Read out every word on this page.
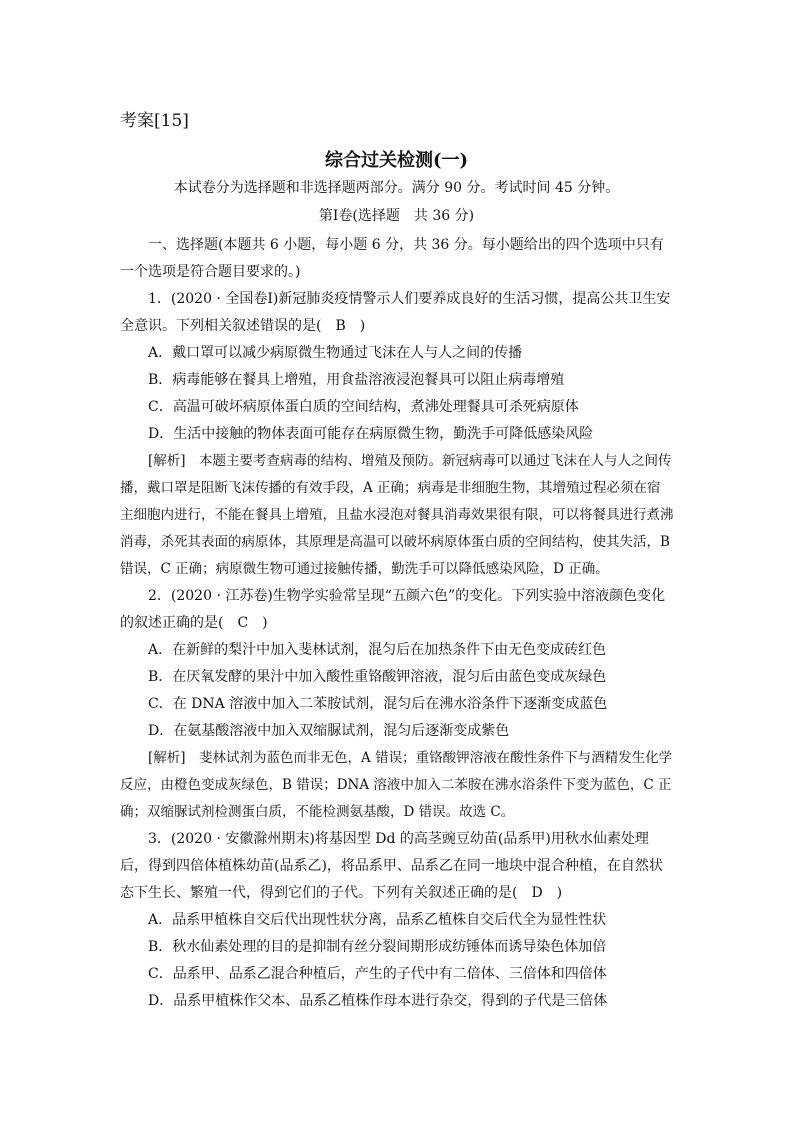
考案[15]
综合过关检测(一)
本试卷分为选择题和非选择题两部分。满分 90 分。考试时间 45 分钟。
第Ⅰ卷(选择题　共 36 分)

一、选择题(本题共 6 小题，每小题 6 分，共 36 分。每小题给出的四个选项中只有一个选项是符合题目要求的。)

1．(2020 · 全国卷Ⅰ)新冠肺炎疫情警示人们要养成良好的生活习惯，提高公共卫生安全意识。下列相关叙述错误的是(　B　)

A．戴口罩可以减少病原微生物通过飞沫在人与人之间的传播

B．病毒能够在餐具上增殖，用食盐溶液浸泡餐具可以阻止病毒增殖

C．高温可破坏病原体蛋白质的空间结构，煮沸处理餐具可杀死病原体

D．生活中接触的物体表面可能存在病原微生物，勤洗手可降低感染风险

[解析]　本题主要考查病毒的结构、增殖及预防。新冠病毒可以通过飞沫在人与人之间传播，戴口罩是阻断飞沫传播的有效手段，A 正确；病毒是非细胞生物，其增殖过程必须在宿主细胞内进行，不能在餐具上增殖，且盐水浸泡对餐具消毒效果很有限，可以将餐具进行煮沸消毒，杀死其表面的病原体，其原理是高温可以破坏病原体蛋白质的空间结构，使其失活，B 错误，C 正确；病原微生物可通过接触传播，勤洗手可以降低感染风险，D 正确。

2．(2020 · 江苏卷)生物学实验常呈现“五颜六色”的变化。下列实验中溶液颜色变化的叙述正确的是(　C　)

A．在新鲜的梨汁中加入斐林试剂，混匀后在加热条件下由无色变成砖红色

B．在厌氧发酵的果汁中加入酸性重铬酸钾溶液，混匀后由蓝色变成灰绿色

C．在 DNA 溶液中加入二苯胺试剂，混匀后在沸水浴条件下逐渐变成蓝色

D．在氨基酸溶液中加入双缩脲试剂，混匀后逐渐变成紫色

[解析]　斐林试剂为蓝色而非无色，A 错误；重铬酸钾溶液在酸性条件下与酒精发生化学反应，由橙色变成灰绿色，B 错误；DNA 溶液中加入二苯胺在沸水浴条件下变为蓝色，C 正确；双缩脲试剂检测蛋白质，不能检测氨基酸，D 错误。故选 C。

3．(2020 · 安徽滁州期末)将基因型 Dd 的高茎豌豆幼苗(品系甲)用秋水仙素处理后，得到四倍体植株幼苗(品系乙)，将品系甲、品系乙在同一地块中混合种植，在自然状态下生长、繁殖一代，得到它们的子代。下列有关叙述正确的是(　D　)

A．品系甲植株自交后代出现性状分离，品系乙植株自交后代全为显性性状

B．秋水仙素处理的目的是抑制有丝分裂间期形成纺锤体而诱导染色体加倍

C．品系甲、品系乙混合种植后，产生的子代中有二倍体、三倍体和四倍体

D．品系甲植株作父本、品系乙植株作母本进行杂交，得到的子代是三倍体
